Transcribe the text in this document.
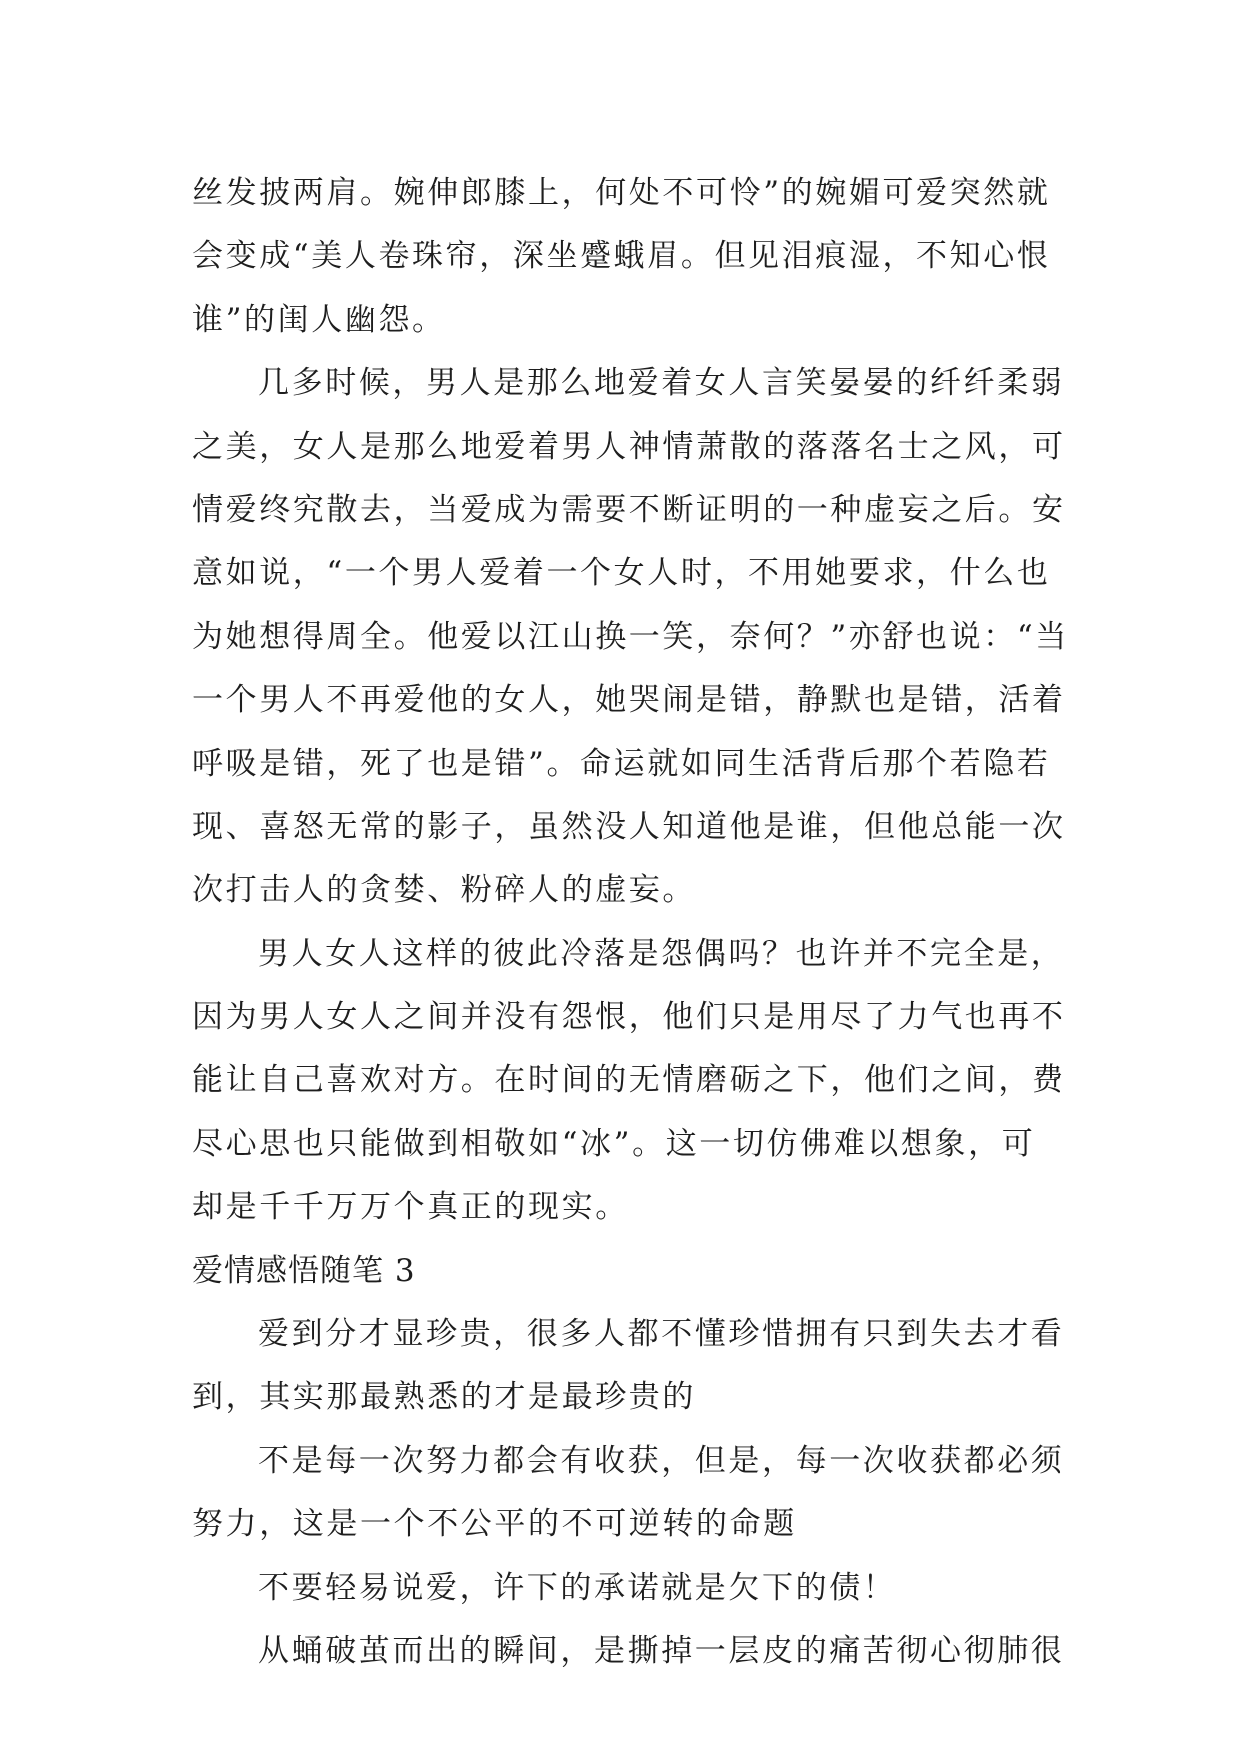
丝发披两肩。婉伸郎膝上，何处不可怜”的婉媚可爱突然就
会变成“美人卷珠帘，深坐蹙蛾眉。但见泪痕湿，不知心恨
谁”的闺人幽怨。
几多时候，男人是那么地爱着女人言笑晏晏的纤纤柔弱
之美，女人是那么地爱着男人神情萧散的落落名士之风，可
情爱终究散去，当爱成为需要不断证明的一种虚妄之后。安
意如说，“一个男人爱着一个女人时，不用她要求，什么也
为她想得周全。他爱以江山换一笑，奈何？”亦舒也说：“当
一个男人不再爱他的女人，她哭闹是错，静默也是错，活着
呼吸是错，死了也是错”。命运就如同生活背后那个若隐若
现、喜怒无常的影子，虽然没人知道他是谁，但他总能一次
次打击人的贪婪、粉碎人的虚妄。
男人女人这样的彼此冷落是怨偶吗？也许并不完全是，
因为男人女人之间并没有怨恨，他们只是用尽了力气也再不
能让自己喜欢对方。在时间的无情磨砺之下，他们之间，费
尽心思也只能做到相敬如“冰”。这一切仿佛难以想象，可
却是千千万万个真正的现实。
爱情感悟随笔 3
爱到分才显珍贵，很多人都不懂珍惜拥有只到失去才看
到，其实那最熟悉的才是最珍贵的
不是每一次努力都会有收获，但是，每一次收获都必须
努力，这是一个不公平的不可逆转的命题
不要轻易说爱，许下的承诺就是欠下的债！
从蛹破茧而出的瞬间，是撕掉一层皮的痛苦彻心彻肺很
